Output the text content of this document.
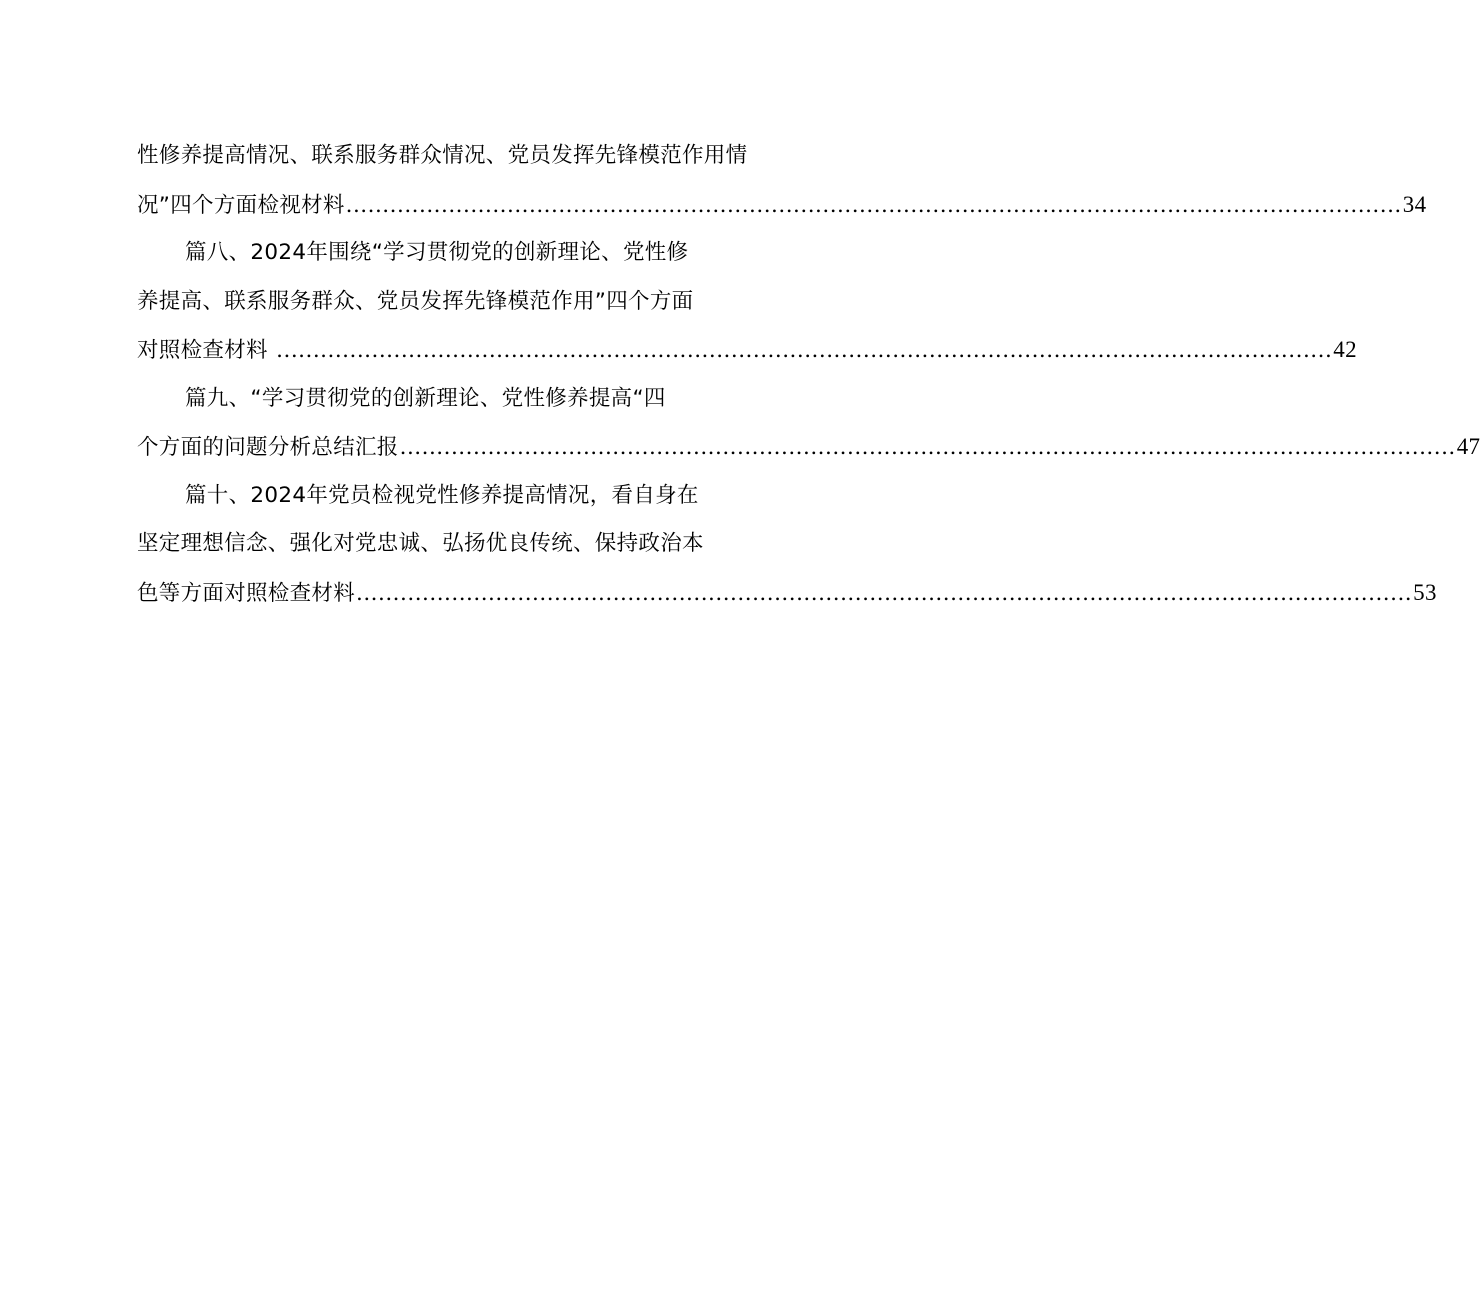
性修养提高情况、联系服务群众情况、党员发挥先锋模范作用情
况”四个方面检视材料 ................................................................................................................................................ 34
篇八、2024年围绕“学习贯彻党的创新理论、党性修
养提高、联系服务群众、党员发挥先锋模范作用”四个方面
对照检查材料 ................................................................................................................................................ 42
篇九、“学习贯彻党的创新理论、党性修养提高“四
个方面的问题分析总结汇报 ................................................................................................................................................ 47
篇十、2024年党员检视党性修养提高情况，看自身在
坚定理想信念、强化对党忠诚、弘扬优良传统、保持政治本
色等方面对照检查材料 ................................................................................................................................................ 53
